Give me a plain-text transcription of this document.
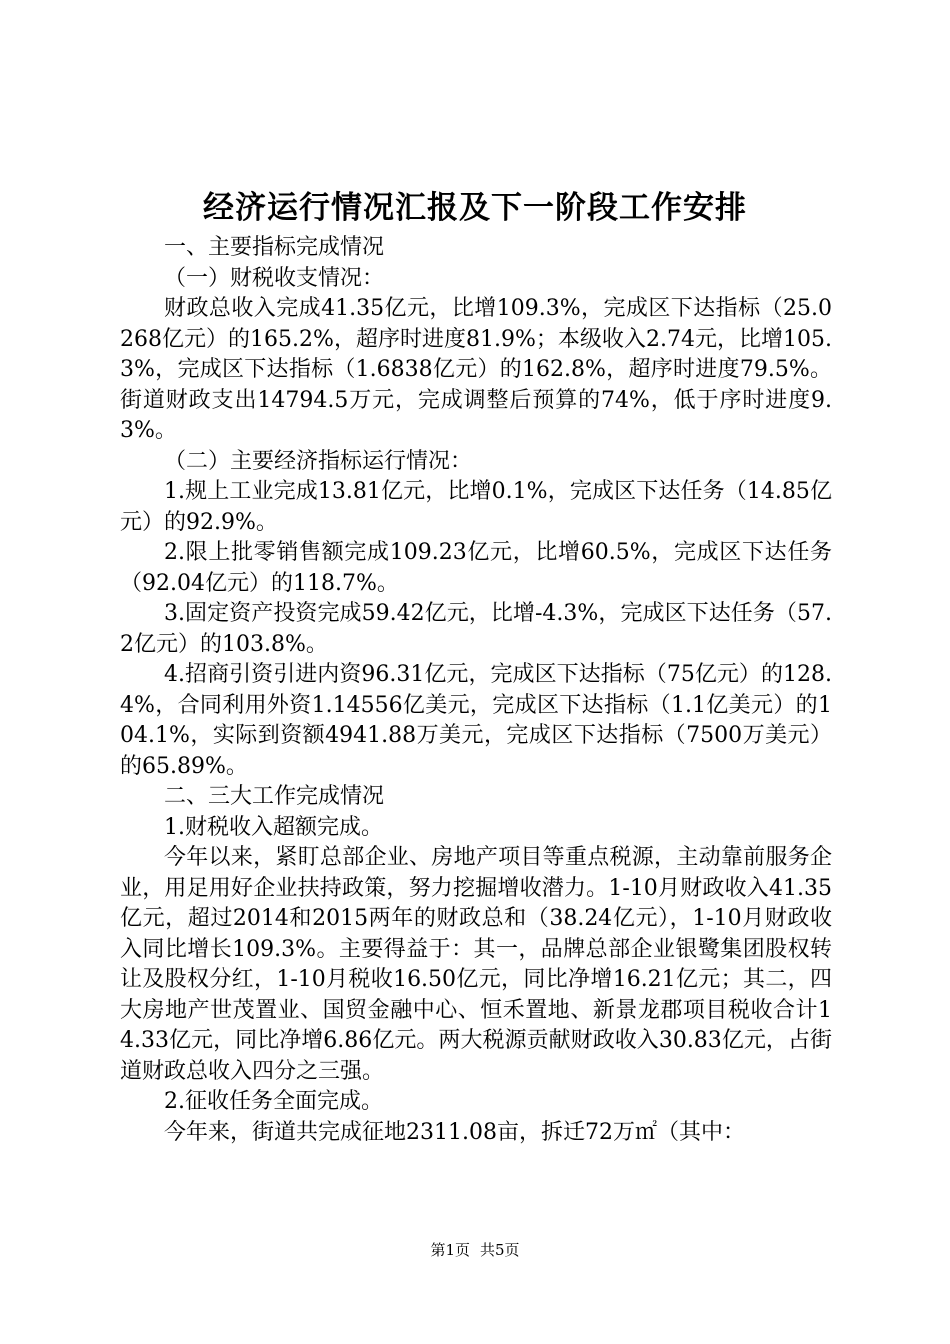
经济运行情况汇报及下一阶段工作安排

一、主要指标完成情况

（一）财税收支情况：

财政总收入完成41.35亿元，比增109.3%，完成区下达指标（25.0268亿元）的165.2%，超序时进度81.9%；本级收入2.74元，比增105.3%，完成区下达指标（1.6838亿元）的162.8%，超序时进度79.5%。街道财政支出14794.5万元，完成调整后预算的74%，低于序时进度9.3%。

（二）主要经济指标运行情况：

1.规上工业完成13.81亿元，比增0.1%，完成区下达任务（14.85亿元）的92.9%。

2.限上批零销售额完成109.23亿元，比增60.5%，完成区下达任务（92.04亿元）的118.7%。

3.固定资产投资完成59.42亿元，比增-4.3%，完成区下达任务（57.2亿元）的103.8%。

4.招商引资引进内资96.31亿元，完成区下达指标（75亿元）的128.4%，合同利用外资1.14556亿美元，完成区下达指标（1.1亿美元）的104.1%，实际到资额4941.88万美元，完成区下达指标（7500万美元）的65.89%。

二、三大工作完成情况

1.财税收入超额完成。

今年以来，紧盯总部企业、房地产项目等重点税源，主动靠前服务企业，用足用好企业扶持政策，努力挖掘增收潜力。1-10月财政收入41.35亿元，超过2014和2015两年的财政总和（38.24亿元），1-10月财政收入同比增长109.3%。主要得益于：其一，品牌总部企业银鹭集团股权转让及股权分红，1-10月税收16.50亿元，同比净增16.21亿元；其二，四大房地产世茂置业、国贸金融中心、恒禾置地、新景龙郡项目税收合计14.33亿元，同比净增6.86亿元。两大税源贡献财政收入30.83亿元，占街道财政总收入四分之三强。

2.征收任务全面完成。

今年来，街道共完成征地2311.08亩，拆迁72万㎡（其中：

第1页 共5页
